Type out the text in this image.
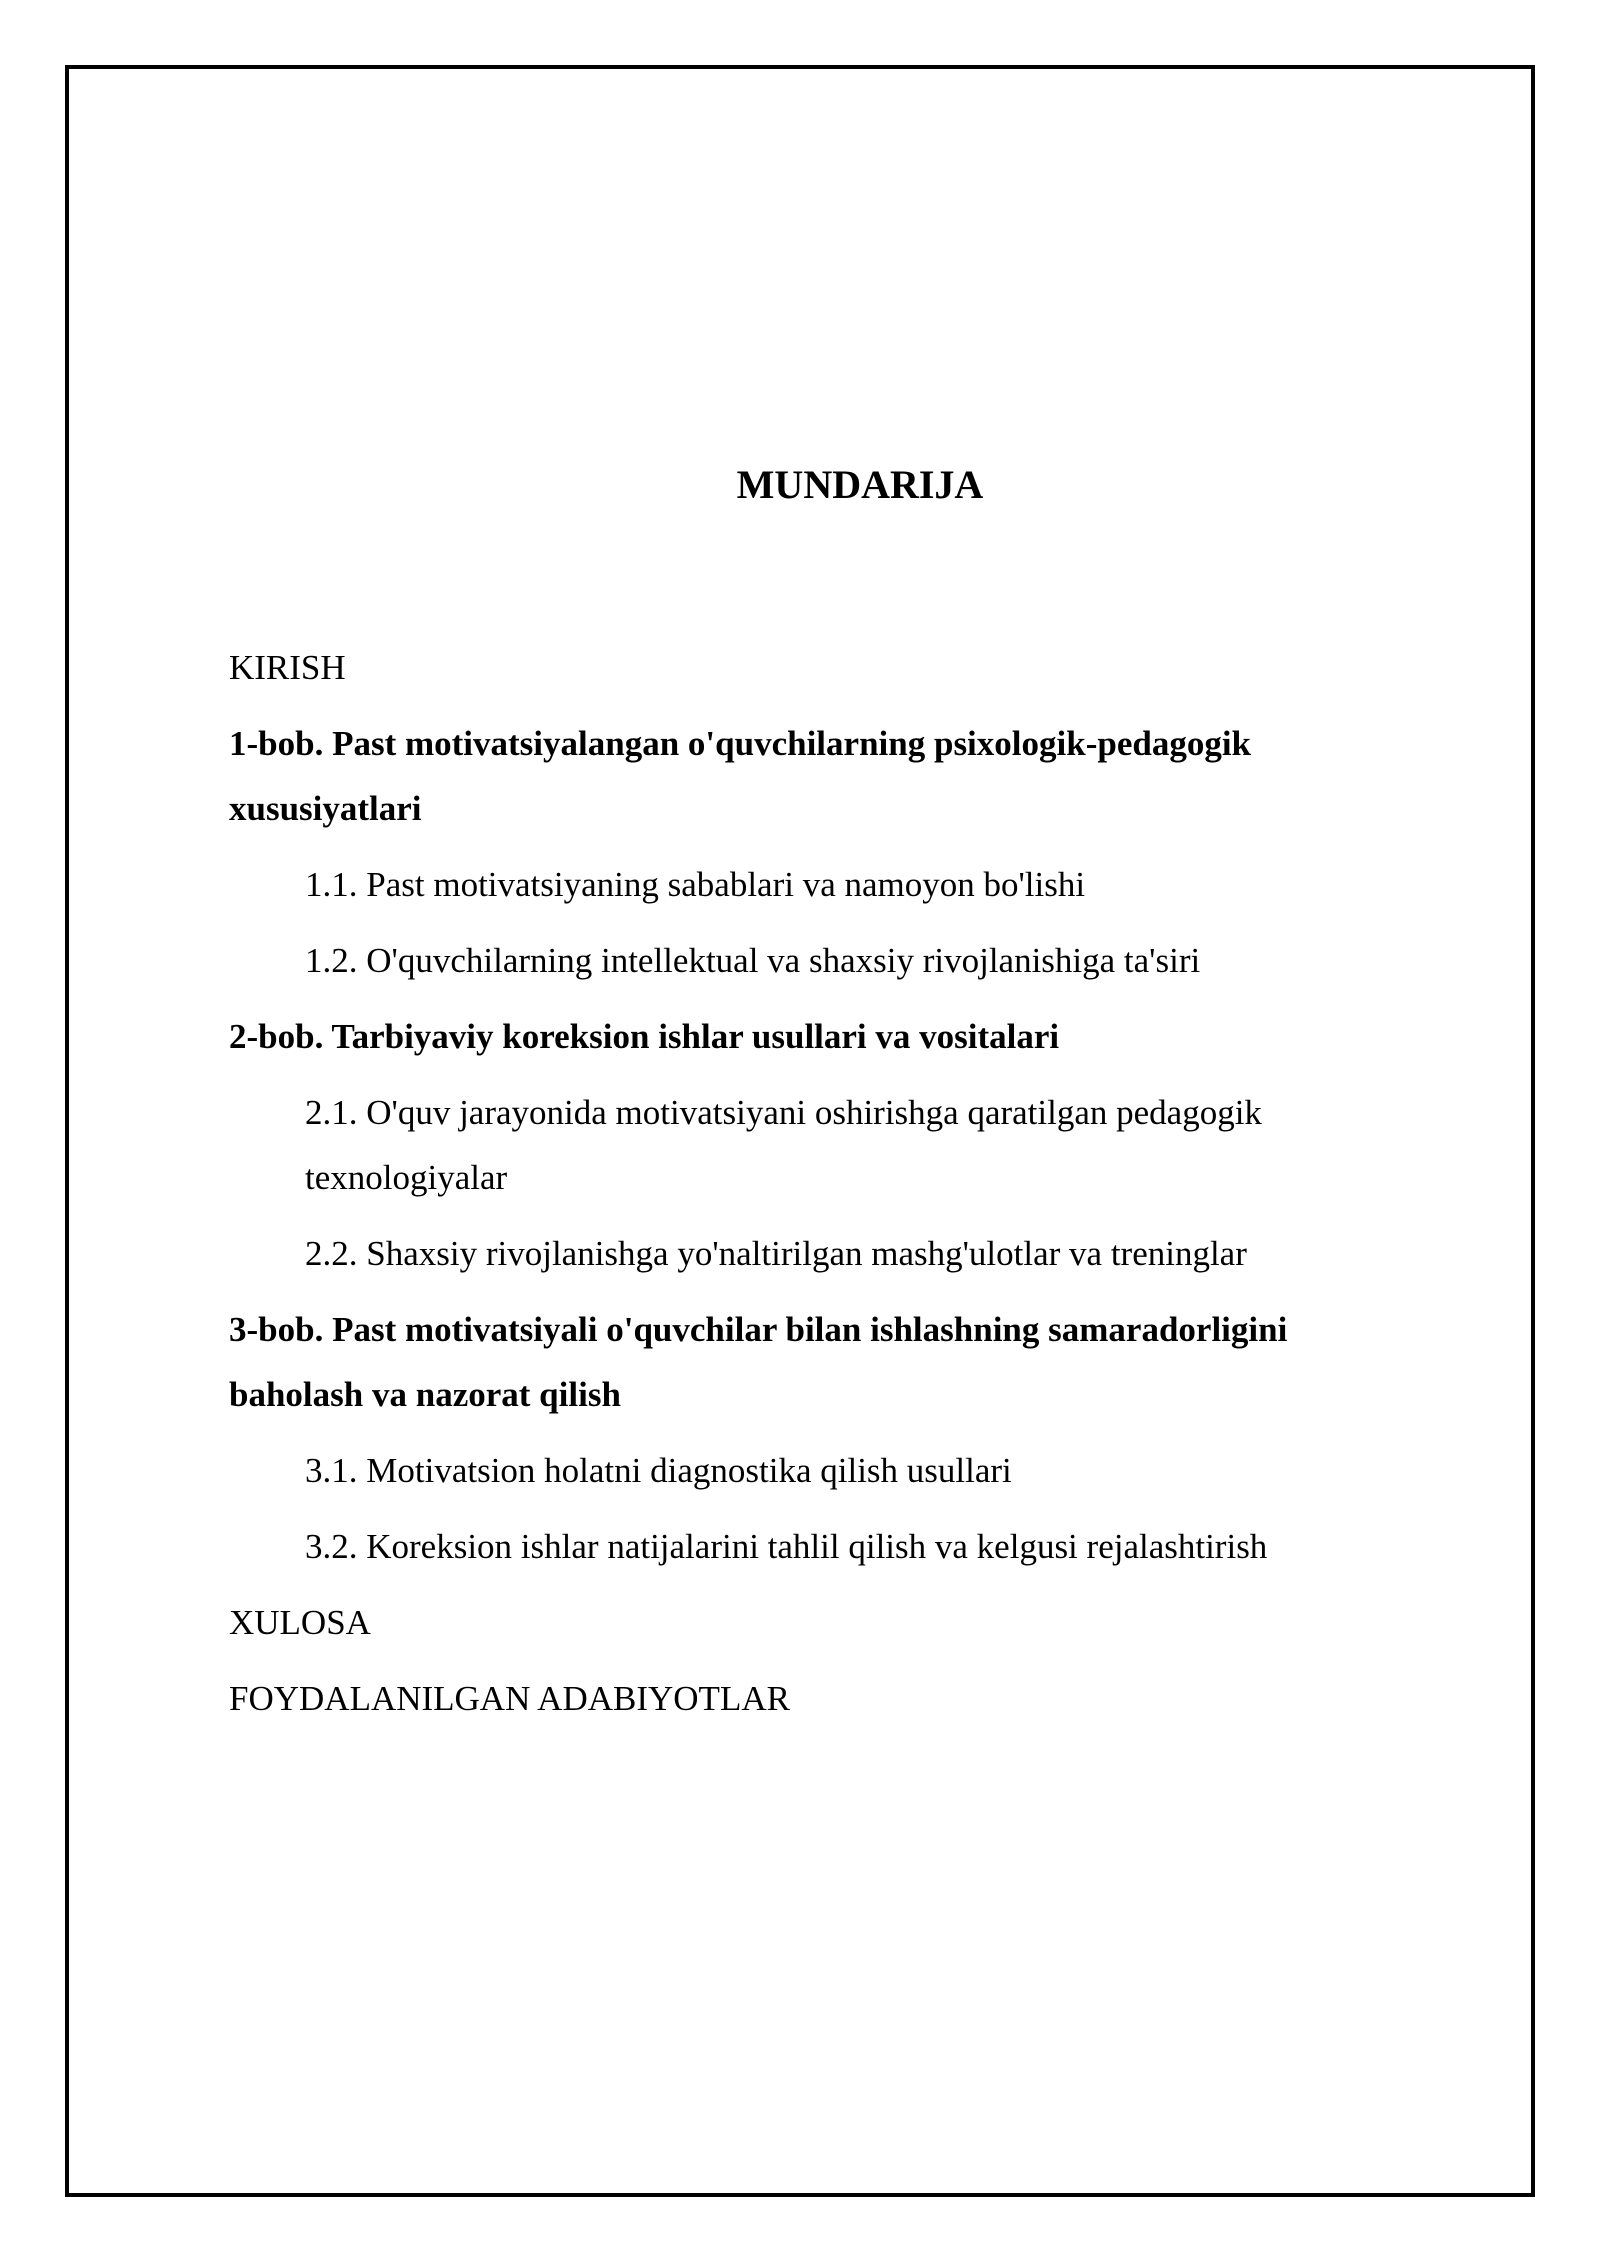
MUNDARIJA
KIRISH
1-bob. Past motivatsiyalangan o'quvchilarning psixologik-pedagogik
xususiyatlari
1.1. Past motivatsiyaning sabablari va namoyon bo'lishi
1.2. O'quvchilarning intellektual va shaxsiy rivojlanishiga ta'siri
2-bob. Tarbiyaviy koreksion ishlar usullari va vositalari
2.1. O'quv jarayonida motivatsiyani oshirishga qaratilgan pedagogik
texnologiyalar
2.2. Shaxsiy rivojlanishga yo'naltirilgan mashg'ulotlar va treninglar
3-bob. Past motivatsiyali o'quvchilar bilan ishlashning samaradorligini
baholash va nazorat qilish
3.1. Motivatsion holatni diagnostika qilish usullari
3.2. Koreksion ishlar natijalarini tahlil qilish va kelgusi rejalashtirish
XULOSA
FOYDALANILGAN ADABIYOTLAR
